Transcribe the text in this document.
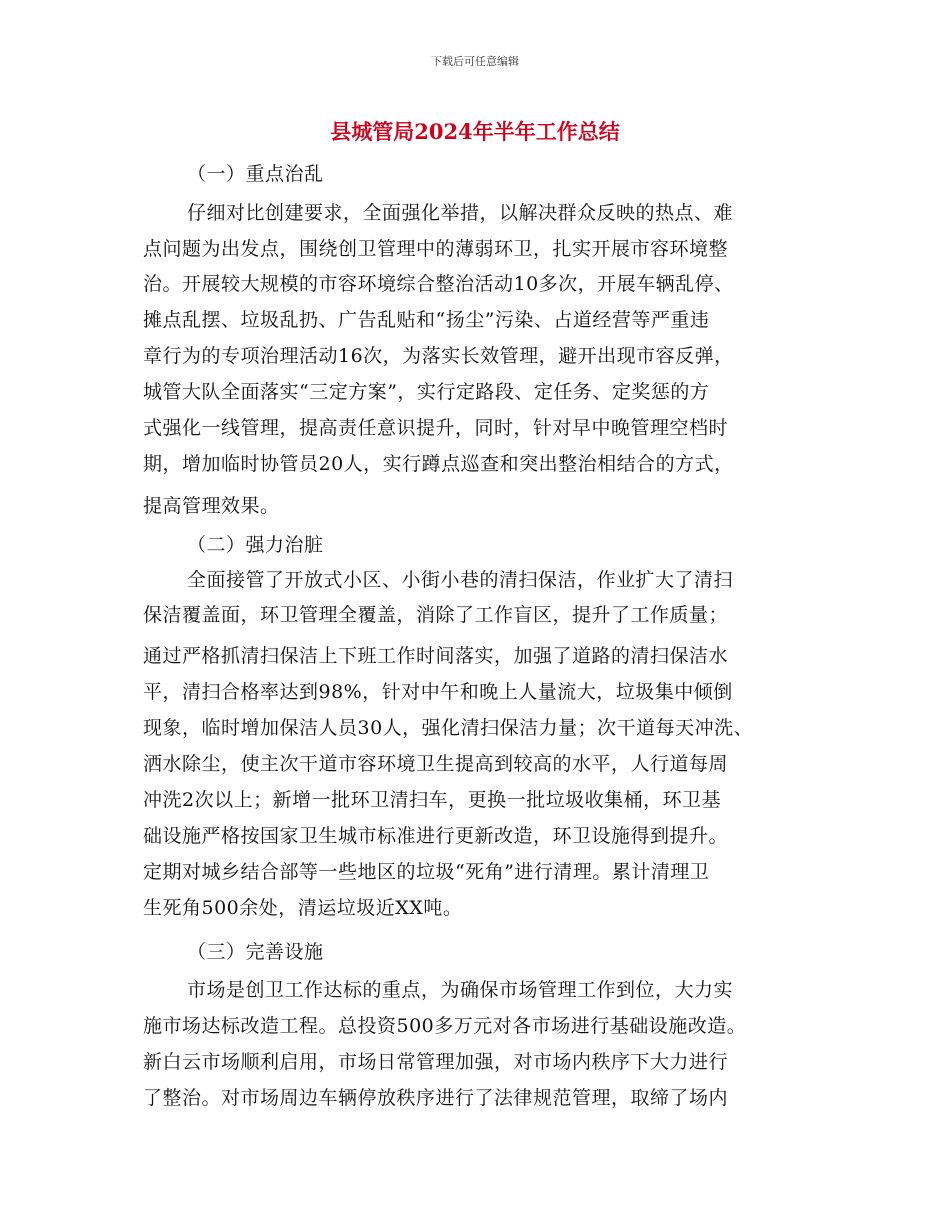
下载后可任意编辑
县城管局2024年半年工作总结
（一）重点治乱
仔细对比创建要求，全面强化举措，以解决群众反映的热点、难
点问题为出发点，围绕创卫管理中的薄弱环卫，扎实开展市容环境整
治。开展较大规模的市容环境综合整治活动10多次，开展车辆乱停、
摊点乱摆、垃圾乱扔、广告乱贴和“扬尘”污染、占道经营等严重违
章行为的专项治理活动16次，为落实长效管理，避开出现市容反弹，
城管大队全面落实“三定方案”，实行定路段、定任务、定奖惩的方
式强化一线管理，提高责任意识提升，同时，针对早中晚管理空档时
期，增加临时协管员20人，实行蹲点巡查和突出整治相结合的方式，
提高管理效果。
（二）强力治脏
全面接管了开放式小区、小街小巷的清扫保洁，作业扩大了清扫
保洁覆盖面，环卫管理全覆盖，消除了工作盲区，提升了工作质量；
通过严格抓清扫保洁上下班工作时间落实，加强了道路的清扫保洁水
平，清扫合格率达到98%，针对中午和晚上人量流大，垃圾集中倾倒
现象，临时增加保洁人员30人，强化清扫保洁力量；次干道每天冲洗、
洒水除尘，使主次干道市容环境卫生提高到较高的水平，人行道每周
冲洗2次以上；新增一批环卫清扫车，更换一批垃圾收集桶，环卫基
础设施严格按国家卫生城市标准进行更新改造，环卫设施得到提升。
定期对城乡结合部等一些地区的垃圾“死角”进行清理。累计清理卫
生死角500余处，清运垃圾近XX吨。
（三）完善设施
市场是创卫工作达标的重点，为确保市场管理工作到位，大力实
施市场达标改造工程。总投资500多万元对各市场进行基础设施改造。
新白云市场顺利启用，市场日常管理加强，对市场内秩序下大力进行
了整治。对市场周边车辆停放秩序进行了法律规范管理，取缔了场内
